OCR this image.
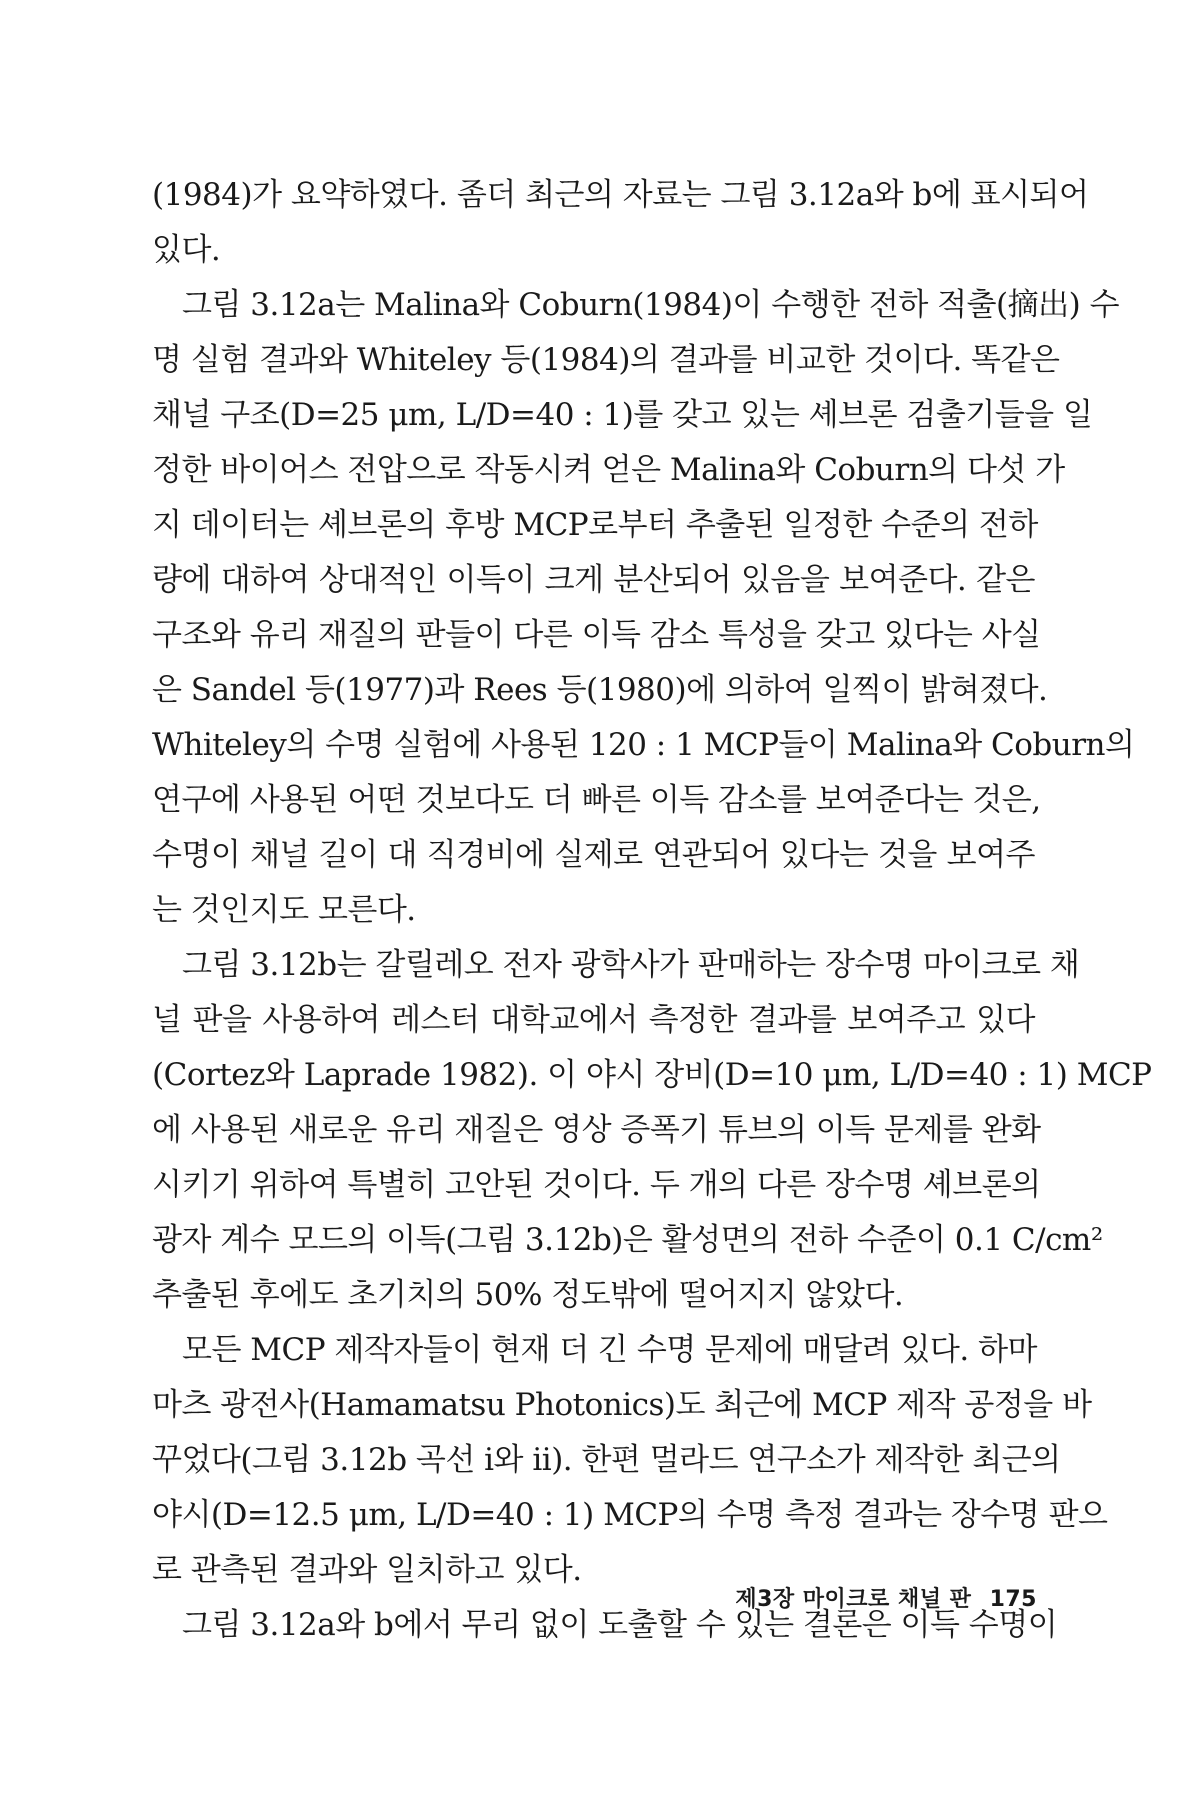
(1984)가 요약하였다. 좀더 최근의 자료는 그림 3.12a와 b에 표시되어
있다.
그림 3.12a는 Malina와 Coburn(1984)이 수행한 전하 적출(摘出) 수
명 실험 결과와 Whiteley 등(1984)의 결과를 비교한 것이다. 똑같은
채널 구조(D=25 μm, L/D=40 : 1)를 갖고 있는 셰브론 검출기들을 일
정한 바이어스 전압으로 작동시켜 얻은 Malina와 Coburn의 다섯 가
지 데이터는 셰브론의 후방 MCP로부터 추출된 일정한 수준의 전하
량에 대하여 상대적인 이득이 크게 분산되어 있음을 보여준다. 같은
구조와 유리 재질의 판들이 다른 이득 감소 특성을 갖고 있다는 사실
은 Sandel 등(1977)과 Rees 등(1980)에 의하여 일찍이 밝혀졌다.
Whiteley의 수명 실험에 사용된 120 : 1 MCP들이 Malina와 Coburn의
연구에 사용된 어떤 것보다도 더 빠른 이득 감소를 보여준다는 것은,
수명이 채널 길이 대 직경비에 실제로 연관되어 있다는 것을 보여주
는 것인지도 모른다.
그림 3.12b는 갈릴레오 전자 광학사가 판매하는 장수명 마이크로 채
널 판을 사용하여 레스터 대학교에서 측정한 결과를 보여주고 있다
(Cortez와 Laprade 1982). 이 야시 장비(D=10 μm, L/D=40 : 1) MCP
에 사용된 새로운 유리 재질은 영상 증폭기 튜브의 이득 문제를 완화
시키기 위하여 특별히 고안된 것이다. 두 개의 다른 장수명 셰브론의
광자 계수 모드의 이득(그림 3.12b)은 활성면의 전하 수준이 0.1 C/cm²
추출된 후에도 초기치의 50% 정도밖에 떨어지지 않았다.
모든 MCP 제작자들이 현재 더 긴 수명 문제에 매달려 있다. 하마
마츠 광전사(Hamamatsu Photonics)도 최근에 MCP 제작 공정을 바
꾸었다(그림 3.12b 곡선 i와 ii). 한편 멀라드 연구소가 제작한 최근의
야시(D=12.5 μm, L/D=40 : 1) MCP의 수명 측정 결과는 장수명 판으
로 관측된 결과와 일치하고 있다.
그림 3.12a와 b에서 무리 없이 도출할 수 있는 결론은 이득 수명이
제3장 마이크로 채널 판 175
